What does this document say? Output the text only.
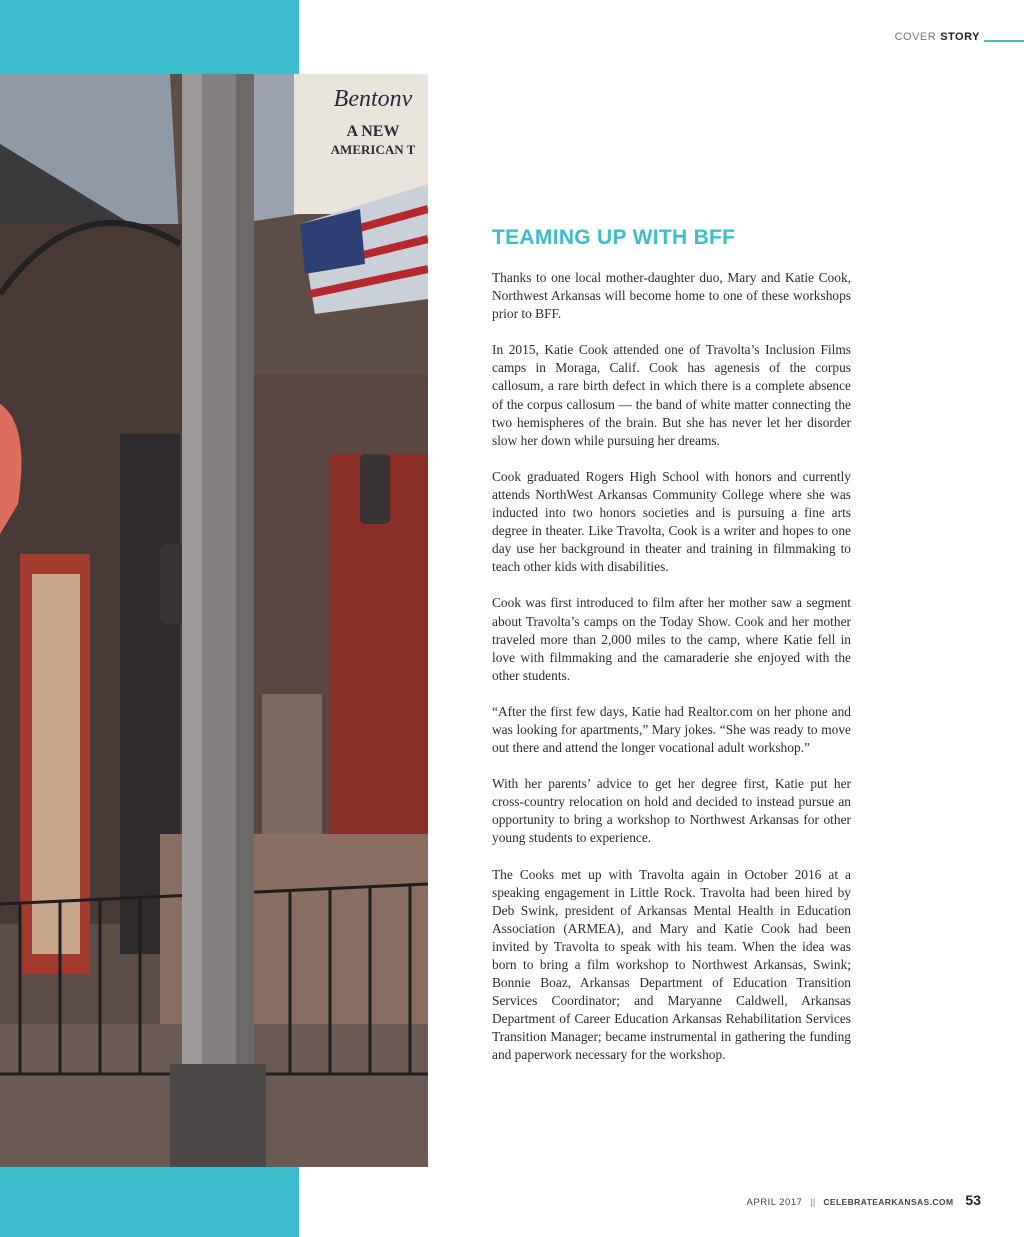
Bentonv
A NEW
AMERICAN T
COVER STORY
TEAMING UP WITH BFF

Thanks to one local mother-daughter duo, Mary and Katie Cook, Northwest Arkansas will become home to one of these workshops prior to BFF.

In 2015, Katie Cook attended one of Travolta’s Inclusion Films camps in Moraga, Calif. Cook has agenesis of the corpus callosum, a rare birth defect in which there is a complete absence of the corpus callosum — the band of white matter connecting the two hemispheres of the brain. But she has never let her disorder slow her down while pursuing her dreams.

Cook graduated Rogers High School with honors and currently attends NorthWest Arkansas Community College where she was inducted into two honors societies and is pursuing a fine arts degree in theater. Like Travolta, Cook is a writer and hopes to one day use her background in theater and training in filmmaking to teach other kids with disabilities.

Cook was first introduced to film after her mother saw a segment about Travolta’s camps on the Today Show. Cook and her mother traveled more than 2,000 miles to the camp, where Katie fell in love with filmmaking and the camaraderie she enjoyed with the other students.

“After the first few days, Katie had Realtor.com on her phone and was looking for apartments,” Mary jokes. “She was ready to move out there and attend the longer vocational adult workshop.”

With her parents’ advice to get her degree first, Katie put her cross-country relocation on hold and decided to instead pursue an opportunity to bring a workshop to Northwest Arkansas for other young students to experience.

The Cooks met up with Travolta again in October 2016 at a speaking engagement in Little Rock. Travolta had been hired by Deb Swink, president of Arkansas Mental Health in Education Association (ARMEA), and Mary and Katie Cook had been invited by Travolta to speak with his team. When the idea was born to bring a film workshop to Northwest Arkansas, Swink; Bonnie Boaz, Arkansas Department of Education Transition Services Coordinator; and Maryanne Caldwell, Arkansas Department of Career Education Arkansas Rehabilitation Services Transition Manager; became instrumental in gathering the funding and paperwork necessary for the workshop.

APRIL 2017 || CELEBRATEARKANSAS.COM 53
